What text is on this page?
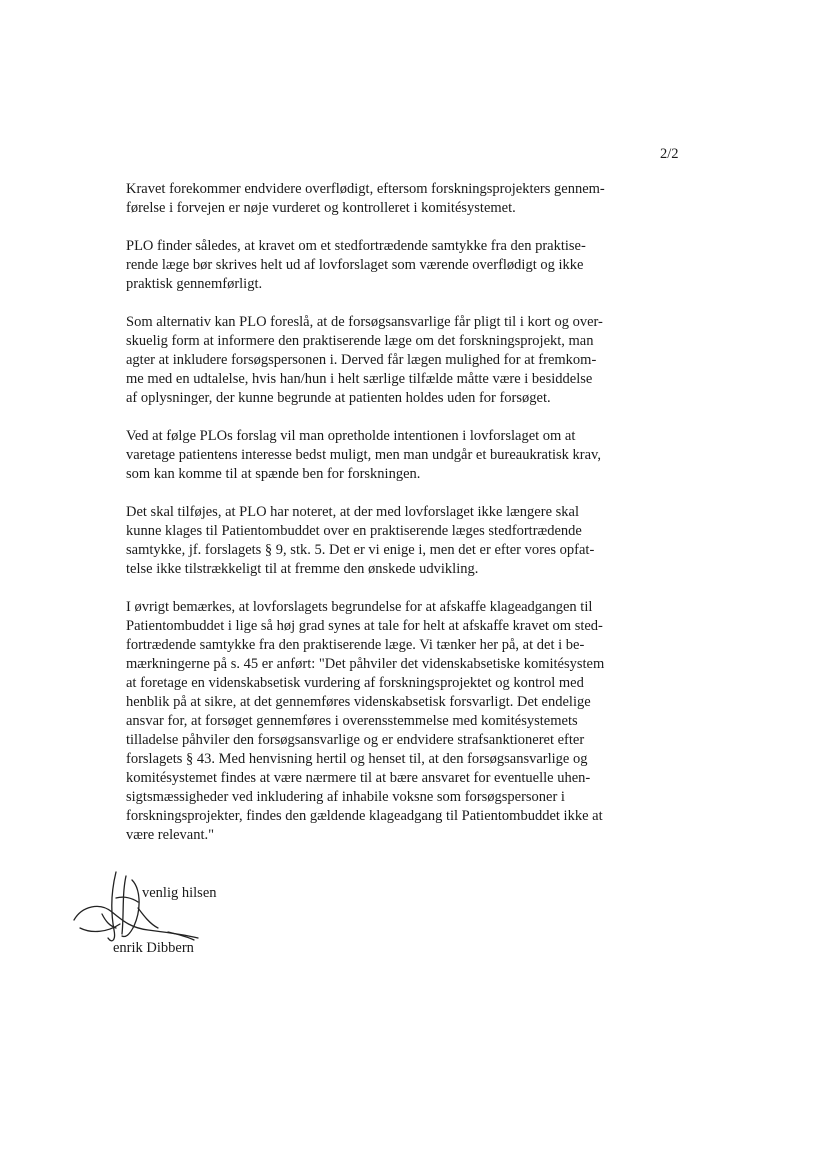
2/2

Kravet forekommer endvidere overflødigt, eftersom forskningsprojekters gennem-
førelse i forvejen er nøje vurderet og kontrolleret i komitésystemet.

PLO finder således, at kravet om et stedfortrædende samtykke fra den praktise-
rende læge bør skrives helt ud af lovforslaget som værende overflødigt og ikke
praktisk gennemførligt.

Som alternativ kan PLO foreslå, at de forsøgsansvarlige får pligt til i kort og over-
skuelig form at informere den praktiserende læge om det forskningsprojekt, man
agter at inkludere forsøgspersonen i. Derved får lægen mulighed for at fremkom-
me med en udtalelse, hvis han/hun i helt særlige tilfælde måtte være i besiddelse
af oplysninger, der kunne begrunde at patienten holdes uden for forsøget.

Ved at følge PLOs forslag vil man opretholde intentionen i lovforslaget om at
varetage patientens interesse bedst muligt, men man undgår et bureaukratisk krav,
som kan komme til at spænde ben for forskningen.

Det skal tilføjes, at PLO har noteret, at der med lovforslaget ikke længere skal
kunne klages til Patientombuddet over en praktiserende læges stedfortrædende
samtykke, jf. forslagets § 9, stk. 5. Det er vi enige i, men det er efter vores opfat-
telse ikke tilstrækkeligt til at fremme den ønskede udvikling.

I øvrigt bemærkes, at lovforslagets begrundelse for at afskaffe klageadgangen til
Patientombuddet i lige så høj grad synes at tale for helt at afskaffe kravet om sted-
fortrædende samtykke fra den praktiserende læge. Vi tænker her på, at det i be-
mærkningerne på s. 45 er anført: "Det påhviler det videnskabsetiske komitésystem
at foretage en videnskabsetisk vurdering af forskningsprojektet og kontrol med
henblik på at sikre, at det gennemføres videnskabsetisk forsvarligt. Det endelige
ansvar for, at forsøget gennemføres i overensstemmelse med komitésystemets
tilladelse påhviler den forsøgsansvarlige og er endvidere strafsanktioneret efter
forslagets § 43. Med henvisning hertil og henset til, at den forsøgsansvarlige og
komitésystemet findes at være nærmere til at bære ansvaret for eventuelle uhen-
sigtsmæssigheder ved inkludering af inhabile voksne som forsøgspersoner i
forskningsprojekter, findes den gældende klageadgang til Patientombuddet ikke at
være relevant."

venlig hilsen
enrik Dibbern
